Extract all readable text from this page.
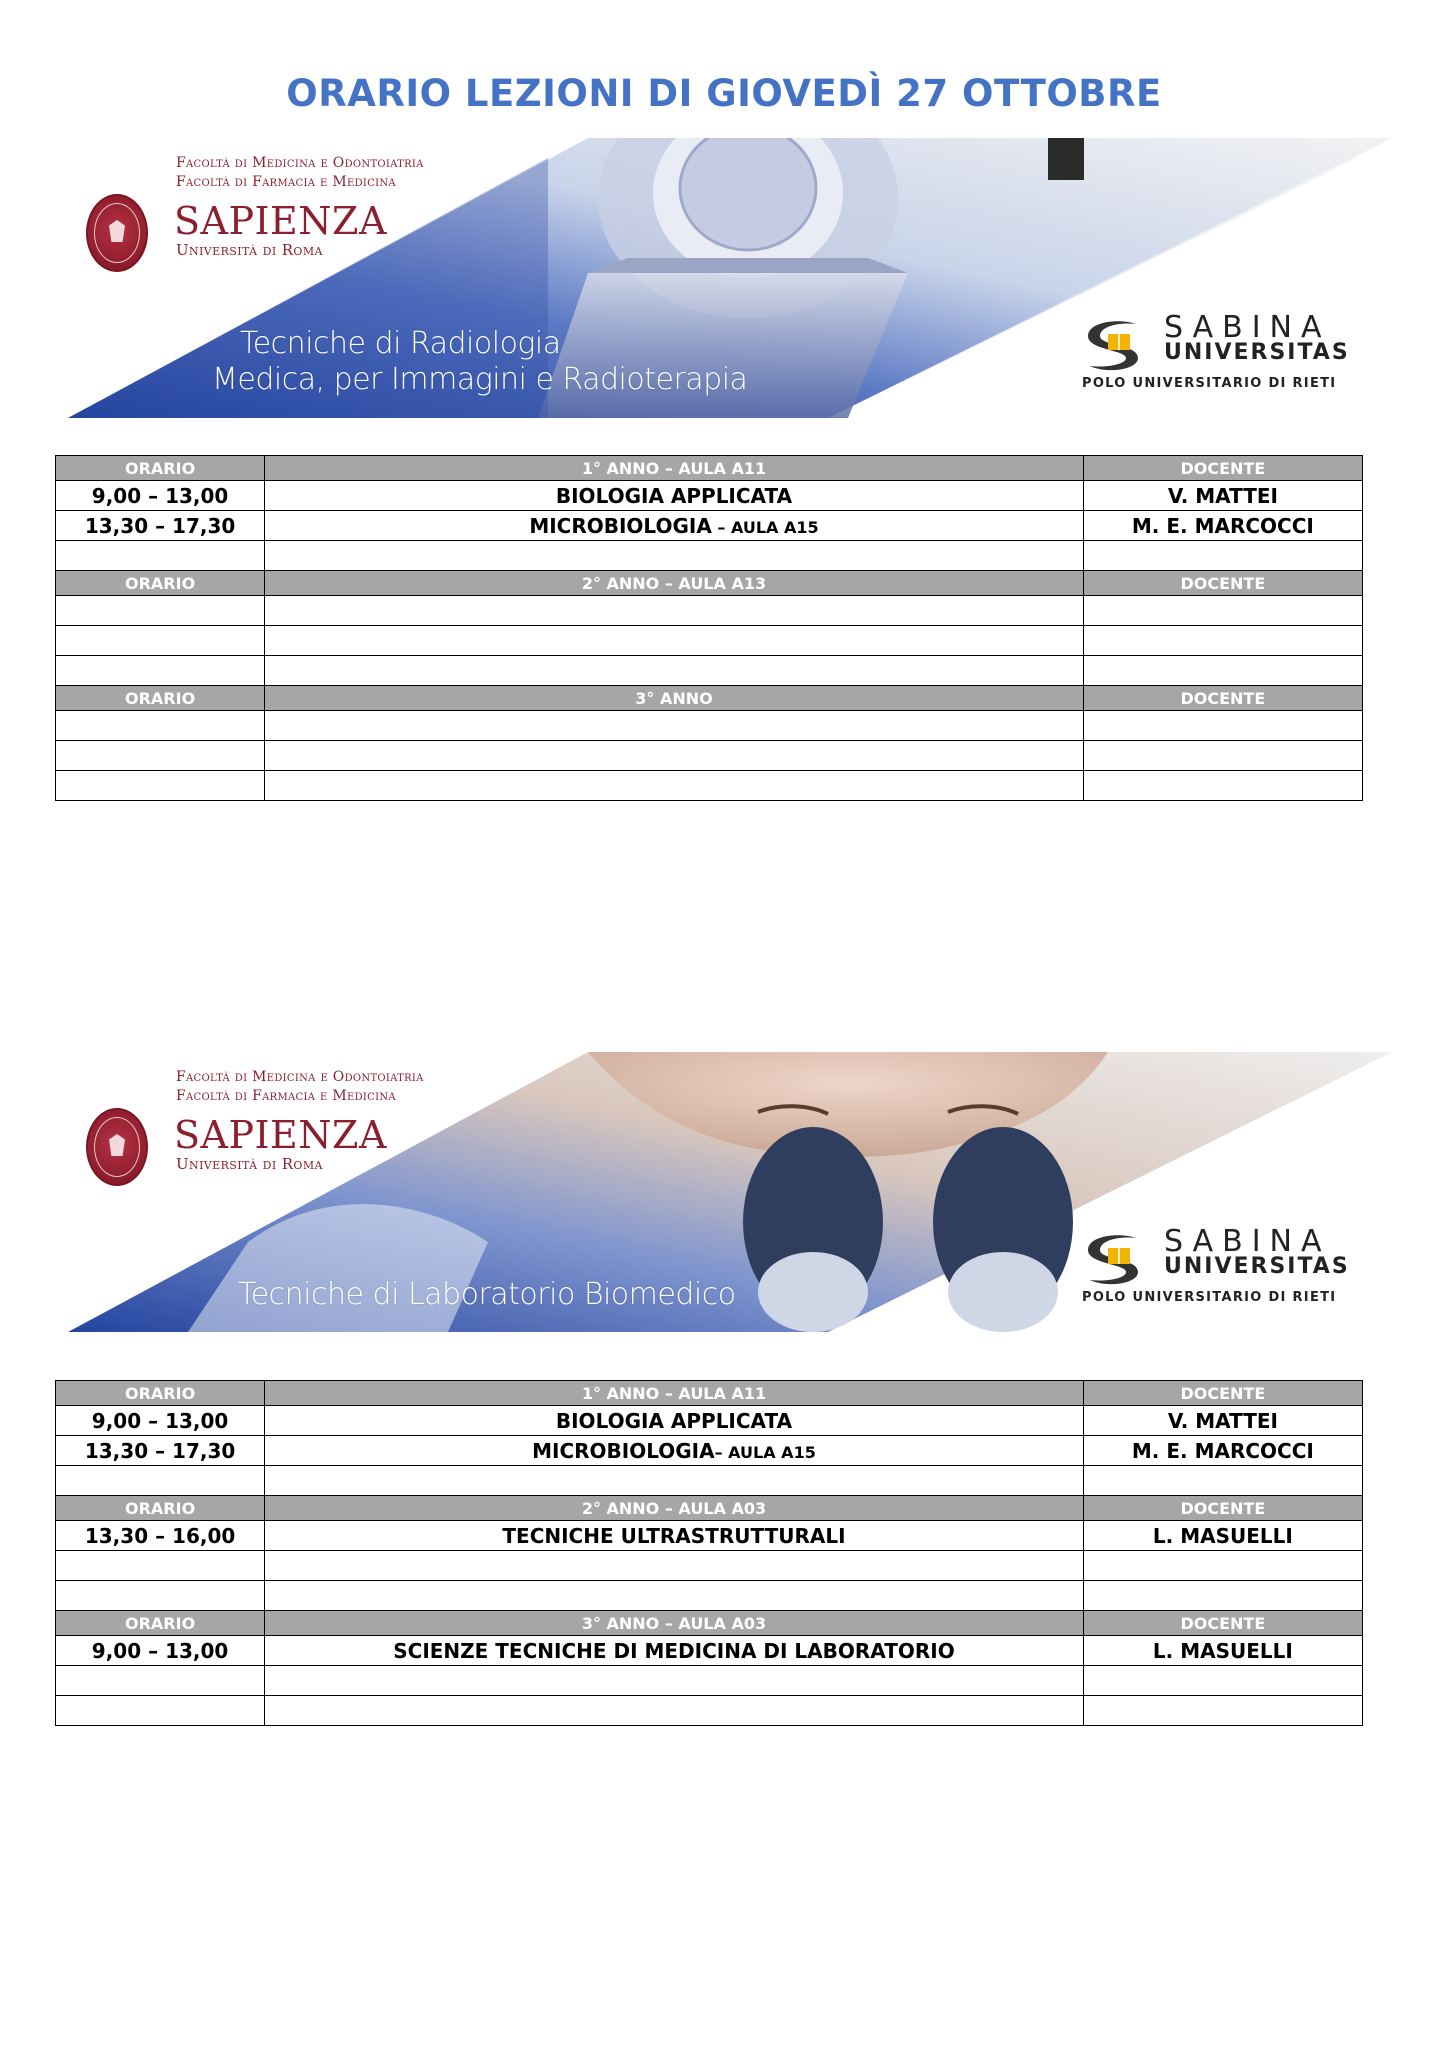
ORARIO LEZIONI DI GIOVEDÌ 27 OTTOBRE
Facoltà di Medicina e Odontoiatria
Facoltà di Farmacia e Medicina
SAPIENZA
Università di Roma
Tecniche di Radiologia
Medica, per Immagini e Radioterapia
SABINA
UNIVERSITAS
POLO UNIVERSITARIO DI RIETI
ORARIO	1° ANNO – AULA A11	DOCENTE
9,00 – 13,00	BIOLOGIA APPLICATA	V. MATTEI
13,30 – 17,30	MICROBIOLOGIA – AULA A15	M. E. MARCOCCI

ORARIO	2° ANNO – AULA A13	DOCENTE

ORARIO	3° ANNO	DOCENTE

Facoltà di Medicina e Odontoiatria
Facoltà di Farmacia e Medicina
SAPIENZA
Università di Roma
Tecniche di Laboratorio Biomedico
SABINA
UNIVERSITAS
POLO UNIVERSITARIO DI RIETI
ORARIO	1° ANNO – AULA A11	DOCENTE
9,00 – 13,00	BIOLOGIA APPLICATA	V. MATTEI
13,30 – 17,30	MICROBIOLOGIA– AULA A15	M. E. MARCOCCI

ORARIO	2° ANNO – AULA A03	DOCENTE
13,30 – 16,00	TECNICHE ULTRASTRUTTURALI	L. MASUELLI

ORARIO	3° ANNO – AULA A03	DOCENTE
9,00 – 13,00	SCIENZE TECNICHE DI MEDICINA DI LABORATORIO	L. MASUELLI
